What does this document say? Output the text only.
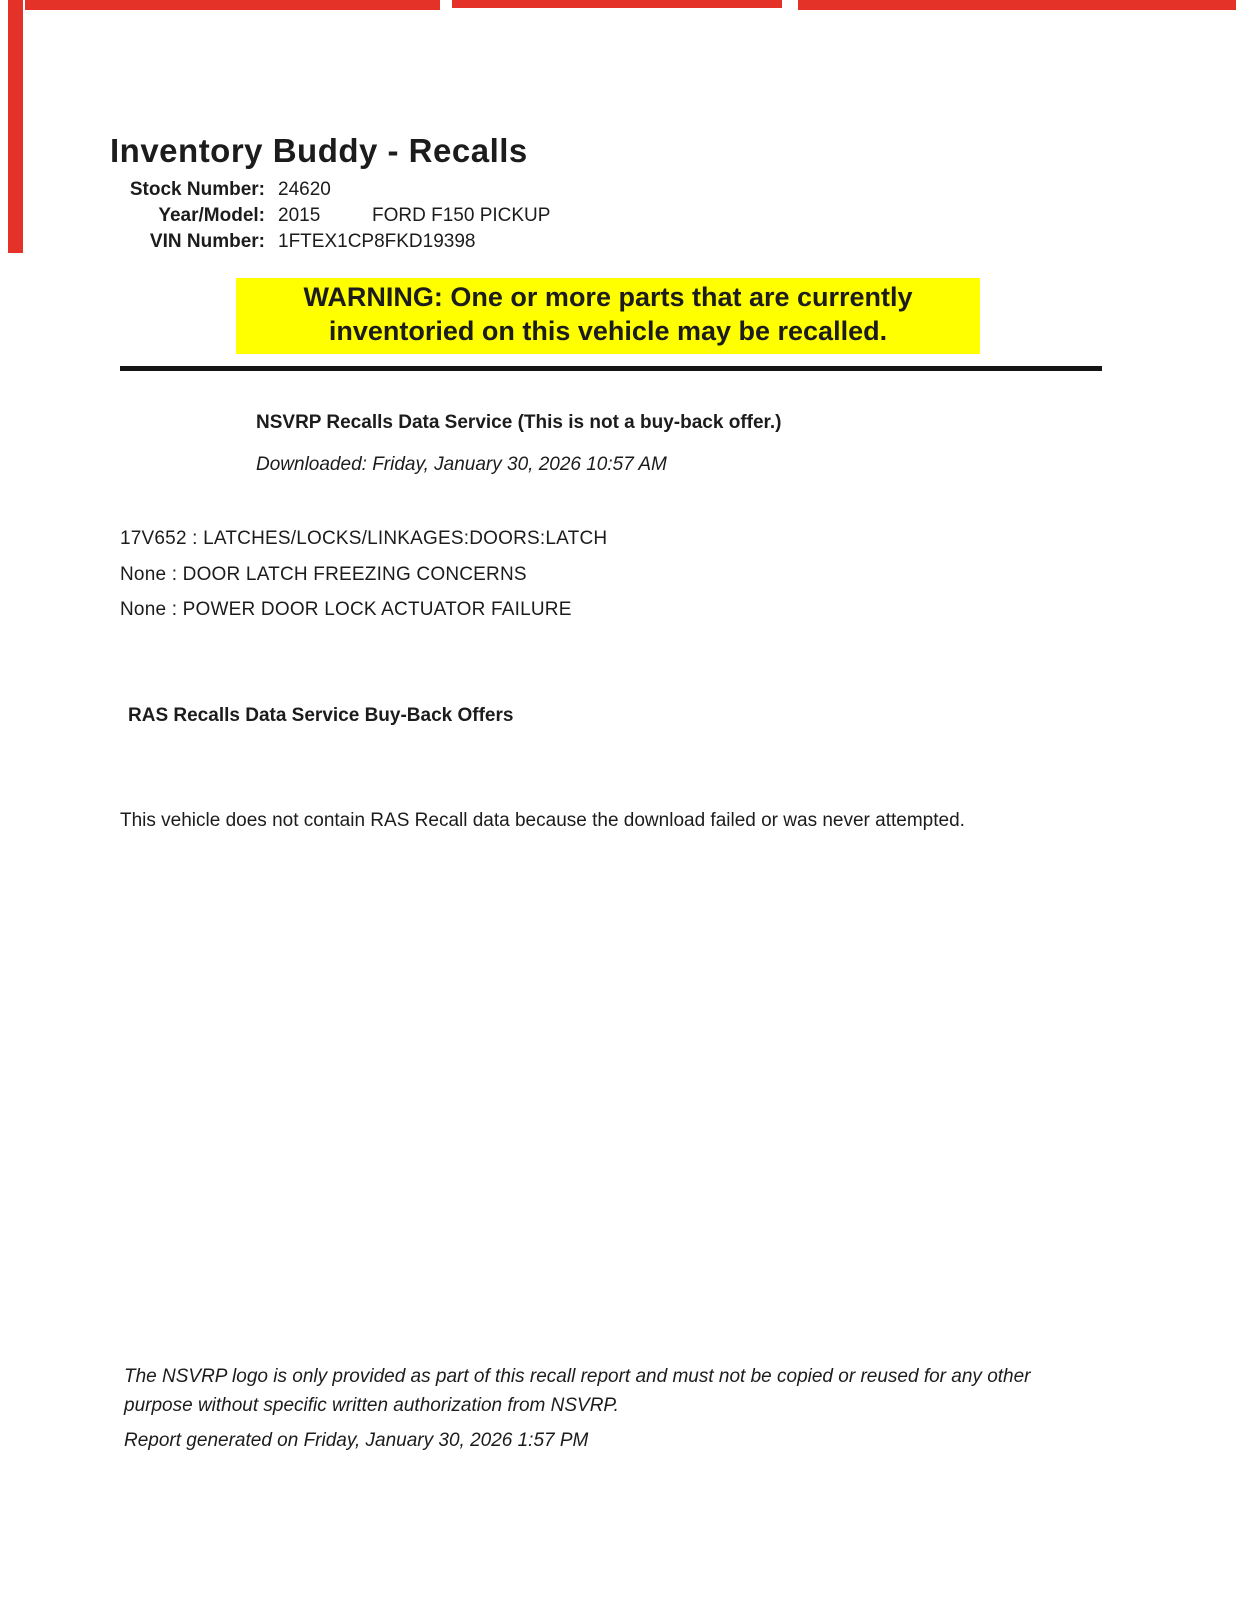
Inventory Buddy - Recalls
Stock Number: 24620
Year/Model: 2015	FORD F150 PICKUP
VIN Number: 1FTEX1CP8FKD19398
WARNING: One or more parts that are currently inventoried on this vehicle may be recalled.
NSVRP Recalls Data Service (This is not a buy-back offer.)
Downloaded: Friday, January 30, 2026 10:57 AM
17V652 : LATCHES/LOCKS/LINKAGES:DOORS:LATCH
None : DOOR LATCH FREEZING CONCERNS
None : POWER DOOR LOCK ACTUATOR FAILURE
RAS Recalls Data Service Buy-Back Offers
This vehicle does not contain RAS Recall data because the download failed or was never attempted.
The NSVRP logo is only provided as part of this recall report and must not be copied or reused for any other purpose without specific written authorization from NSVRP.
Report generated on Friday, January 30, 2026 1:57 PM
